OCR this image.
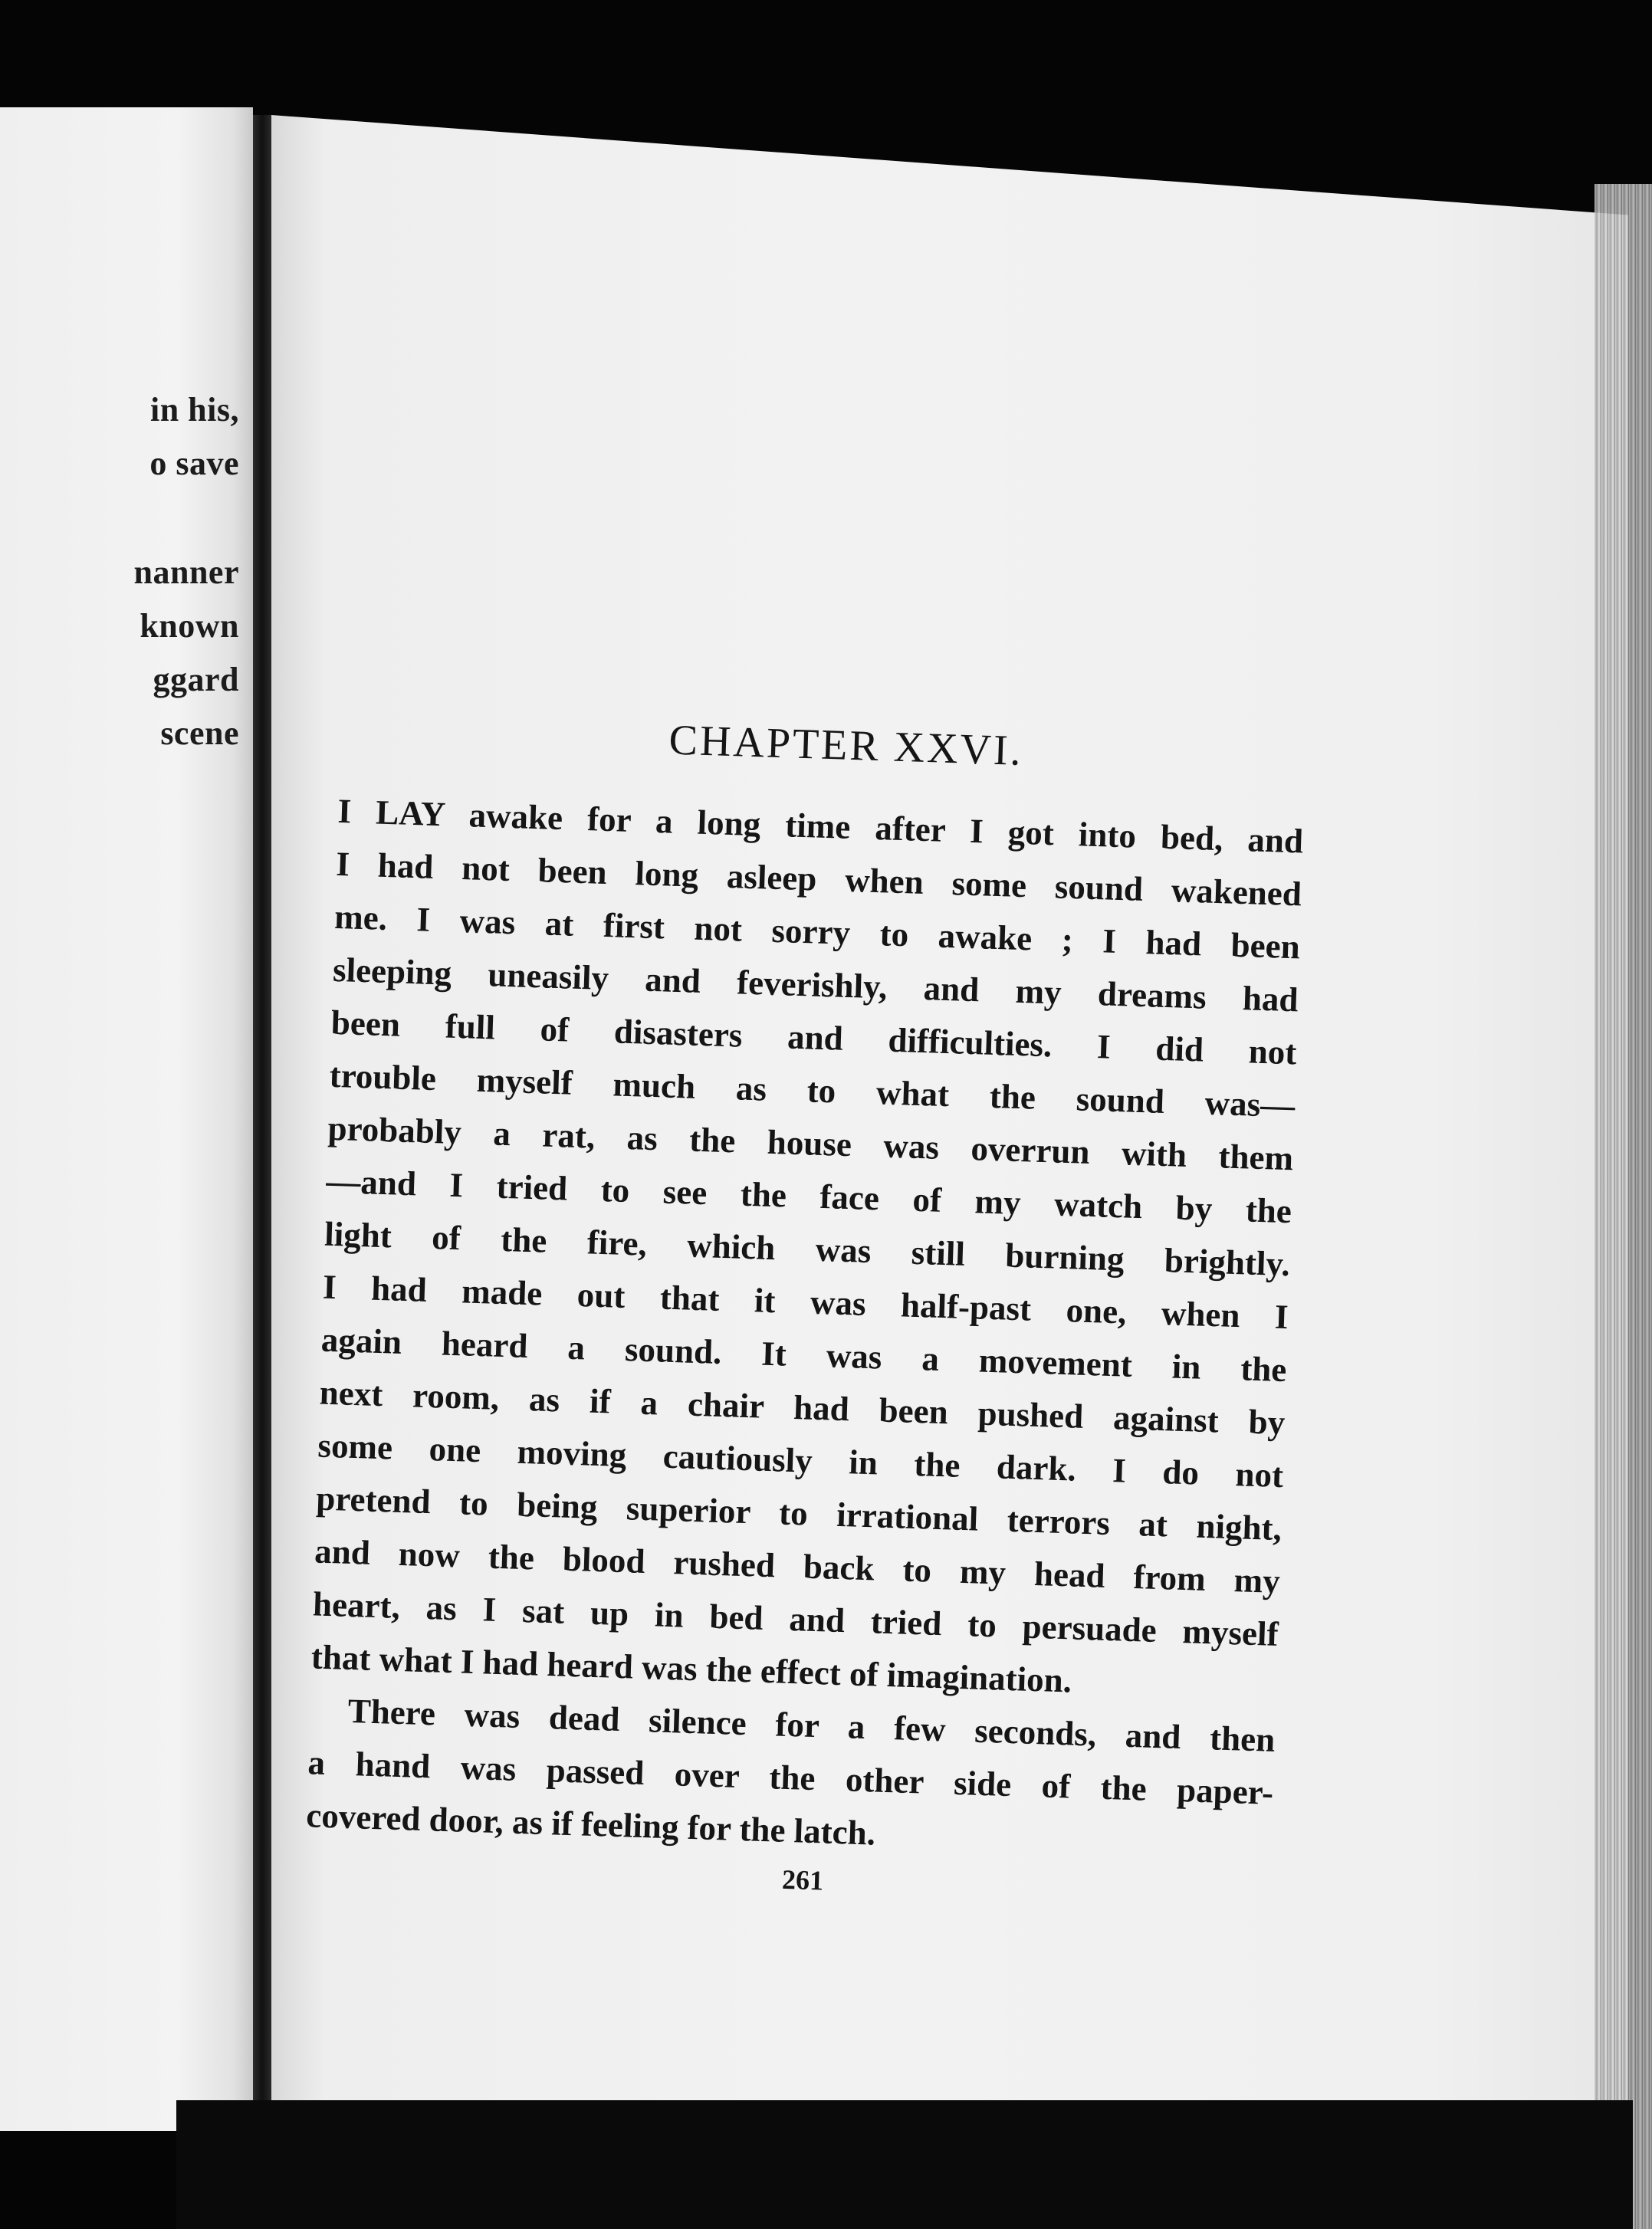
in his,
o save
nanner
known
ggard
scene	CHAPTER XXVI.
I LAY awake for a long time after I got into bed, and
I had not been long asleep when some sound wakened
me. I was at first not sorry to awake ; I had been
sleeping uneasily and feverishly, and my dreams had
been full of disasters and difficulties. I did not
trouble myself much as to what the sound was—
probably a rat, as the house was overrun with them
—and I tried to see the face of my watch by the
light of the fire, which was still burning brightly.
I had made out that it was half-past one, when I
again heard a sound. It was a movement in the
next room, as if a chair had been pushed against by
some one moving cautiously in the dark. I do not
pretend to being superior to irrational terrors at night,
and now the blood rushed back to my head from my
heart, as I sat up in bed and tried to persuade myself
that what I had heard was the effect of imagination.
There was dead silence for a few seconds, and then
a hand was passed over the other side of the paper-
covered door, as if feeling for the latch.
261
